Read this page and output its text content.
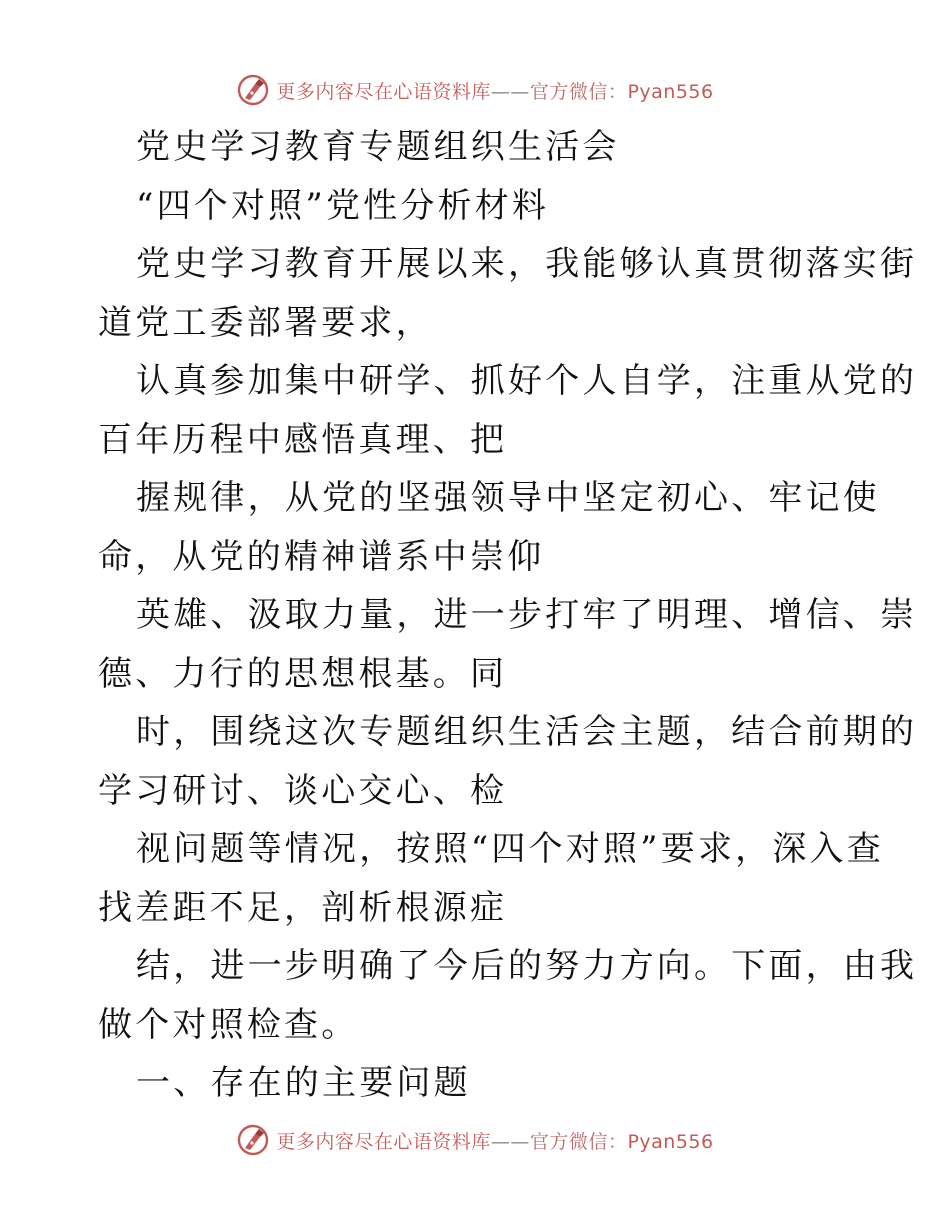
更多内容尽在心语资料库——官方微信：Pyan556
党史学习教育专题组织生活会
“四个对照”党性分析材料
党史学习教育开展以来，我能够认真贯彻落实街
道党工委部署要求，
认真参加集中研学、抓好个人自学，注重从党的
百年历程中感悟真理、把
握规律，从党的坚强领导中坚定初心、牢记使
命，从党的精神谱系中崇仰
英雄、汲取力量，进一步打牢了明理、增信、崇
德、力行的思想根基。同
时，围绕这次专题组织生活会主题，结合前期的
学习研讨、谈心交心、检
视问题等情况，按照“四个对照”要求，深入查
找差距不足，剖析根源症
结，进一步明确了今后的努力方向。下面，由我
做个对照检查。
一、存在的主要问题
更多内容尽在心语资料库——官方微信：Pyan556
